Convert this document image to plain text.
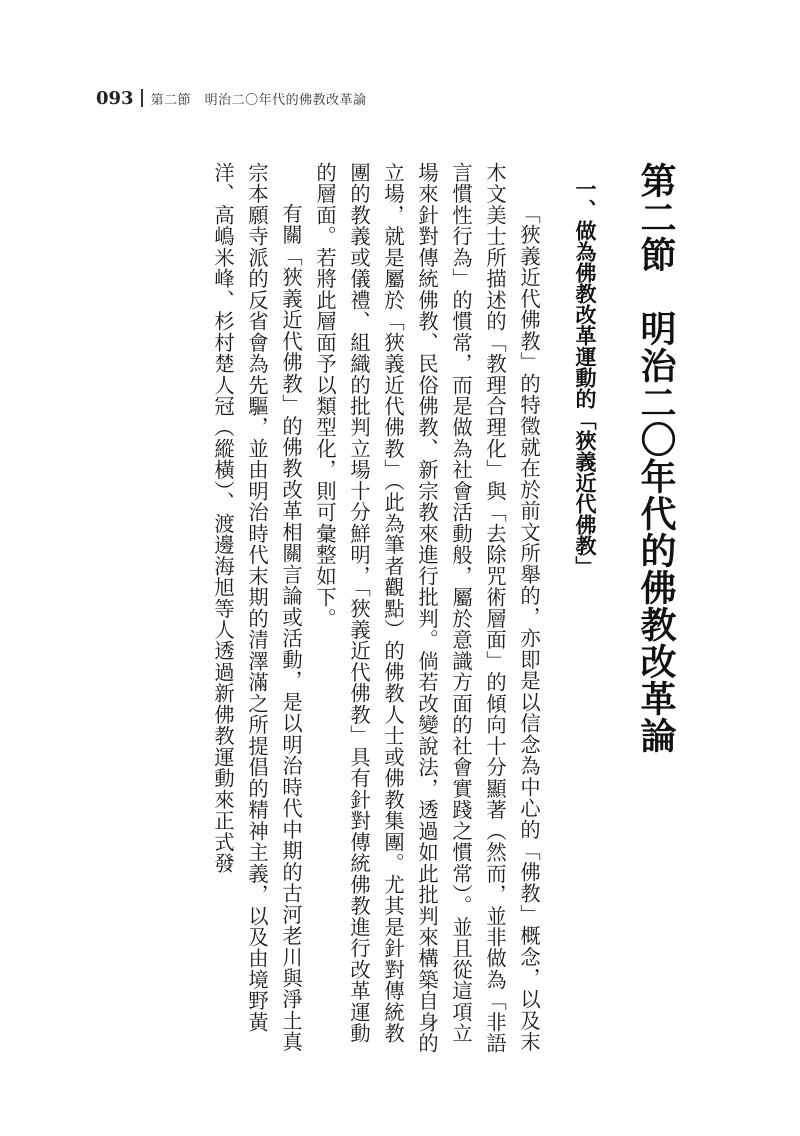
093 第二節　明治二〇年代的佛教改革論
第二節　明治二〇年代的佛教改革論
一、做為佛教改革運動的「狹義近代佛教」

「狹義近代佛教」的特徵就在於前文所舉的，亦即是以信念為中心的「佛教」概念，以及末木文美士所描述的「教理合理化」與「去除咒術層面」的傾向十分顯著（然而，並非做為「非語言慣性行為」的慣常，而是做為社會活動般，屬於意識方面的社會實踐之慣常）。並且從這項立場來針對傳統佛教、民俗佛教、新宗教來進行批判。倘若改變說法，透過如此批判來構築自身的立場，就是屬於「狹義近代佛教」（此為筆者觀點）的佛教人士或佛教集團。尤其是針對傳統教團的教義或儀禮、組織的批判立場十分鮮明，「狹義近代佛教」具有針對傳統佛教進行改革運動的層面。若將此層面予以類型化，則可彙整如下。

有關「狹義近代佛教」的佛教改革相關言論或活動，是以明治時代中期的古河老川與淨土真宗本願寺派的反省會為先驅，並由明治時代末期的清澤滿之所提倡的精神主義，以及由境野黃洋、高嶋米峰、杉村楚人冠（縱橫）、渡邊海旭等人透過新佛教運動來正式發
